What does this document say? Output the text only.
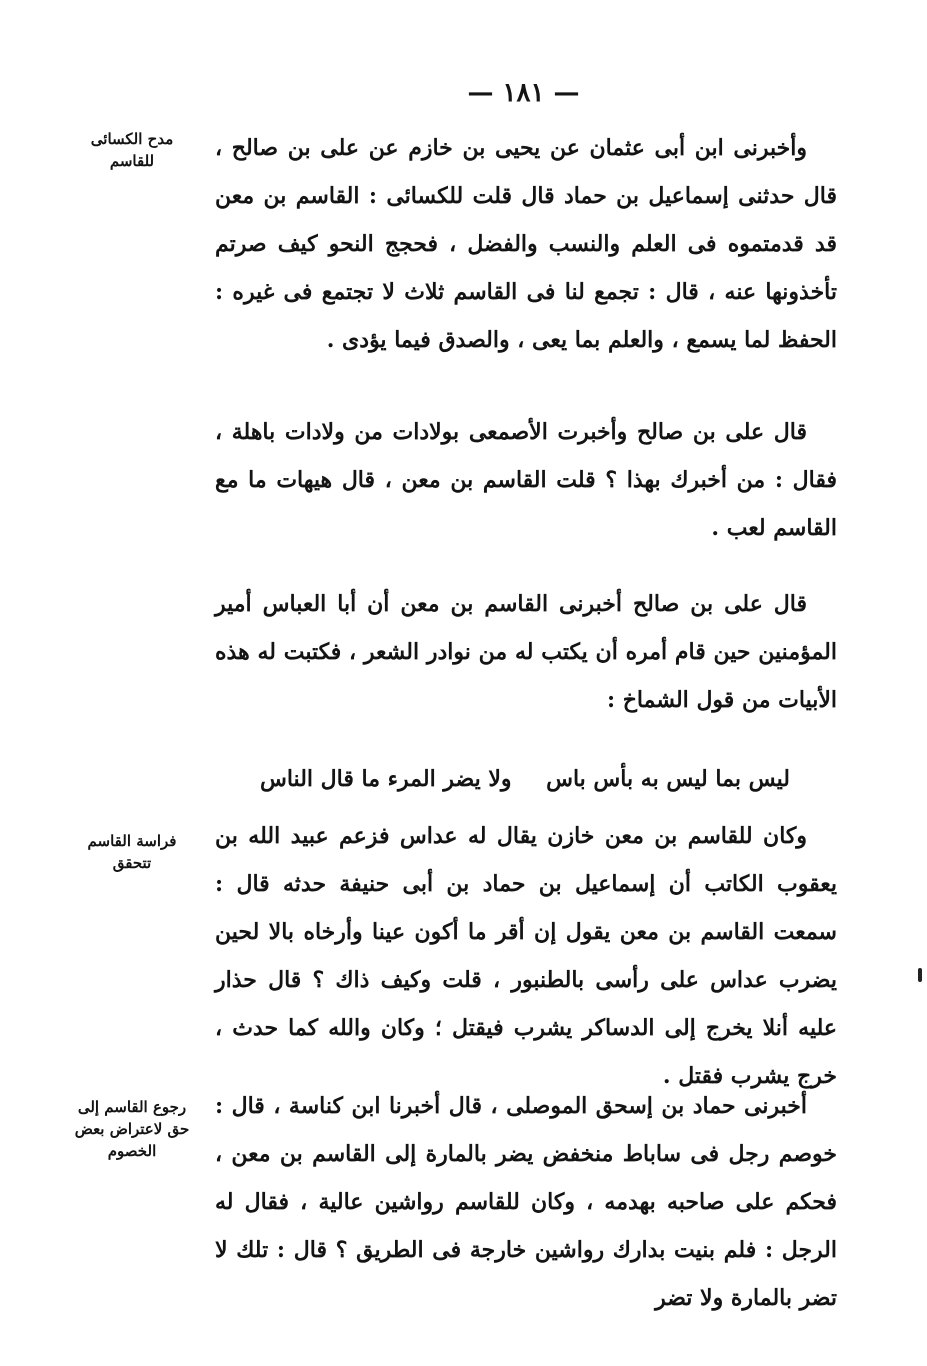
— ١٨١ —
مدح الكسائى للقاسم
فراسة القاسم تتحقق
رجوع القاسم إلى حق لاعتراض بعض الخصوم

وأخبرنى ابن أبى عثمان عن يحيى بن خازم عن على بن صالح ، قال حدثنى إسماعيل بن حماد قال قلت للكسائى : القاسم بن معن قد قدمتموه فى العلم والنسب والفضل ، فحجج النحو كيف صرتم تأخذونها عنه ، قال : تجمع لنا فى القاسم ثلاث لا تجتمع فى غيره : الحفظ لما يسمع ، والعلم بما يعى ، والصدق فيما يؤدى .

قال على بن صالح وأخبرت الأصمعى بولادات من ولادات باهلة ، فقال : من أخبرك بهذا ؟ قلت القاسم بن معن ، قال هيهات ما مع القاسم لعب .

قال على بن صالح أخبرنى القاسم بن معن أن أبا العباس أمير المؤمنين حين قام أمره أن يكتب له من نوادر الشعر ، فكتبت له هذه الأبيات من قول الشماخ :

ليس بما ليس به بأس باس
ولا يضر المرء ما قال الناس

وكان للقاسم بن معن خازن يقال له عداس فزعم عبيد الله بن يعقوب الكاتب أن إسماعيل بن حماد بن أبى حنيفة حدثه قال : سمعت القاسم بن معن يقول إن أقر ما أكون عينا وأرخاه بالا لحين يضرب عداس على رأسى بالطنبور ، قلت وكيف ذاك ؟ قال حذار عليه أنلا يخرج إلى الدساكر يشرب فيقتل ؛ وكان والله كما حدث ، خرج يشرب فقتل .

أخبرنى حماد بن إسحق الموصلى ، قال أخبرنا ابن كناسة ، قال : خوصم رجل فى ساباط منخفض يضر بالمارة إلى القاسم بن معن ، فحكم على صاحبه بهدمه ، وكان للقاسم رواشين عالية ، فقال له الرجل : فلم بنيت بدارك رواشين خارجة فى الطريق ؟ قال : تلك لا تضر بالمارة ولا تضر
